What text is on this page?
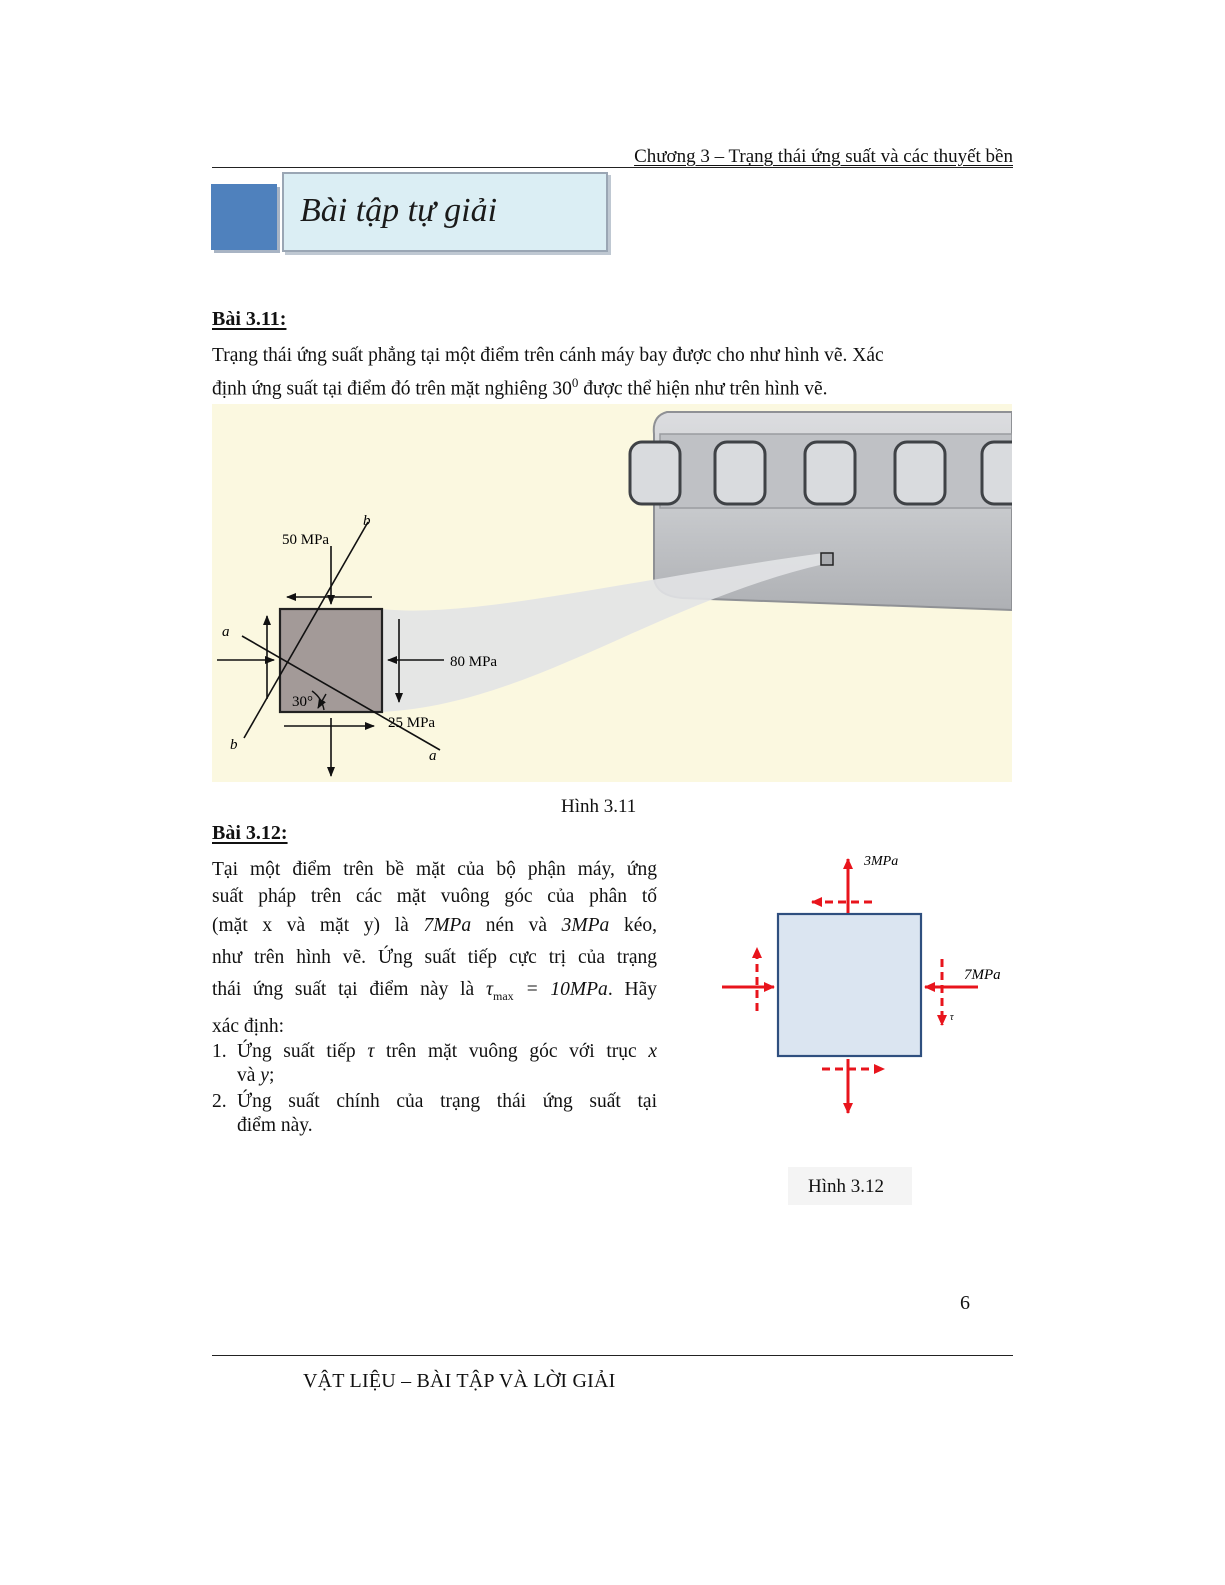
Chương 3 – Trạng thái ứng suất và các thuyết bền
Bài tập tự giải
Bài 3.11:
Trạng thái ứng suất phẳng tại một điểm trên cánh máy bay được cho như hình vẽ. Xác
định ứng suất tại điểm đó trên mặt nghiêng $30^0$ được thể hiện như trên hình vẽ.
50 MPa
80 MPa
25 MPa
30°
a
a
b
b
Hình 3.11
Bài 3.12:
Tại một điểm trên bề mặt của bộ phận máy, ứng
suất pháp trên các mặt vuông góc của phân tố
(mặt x và mặt y) là 7MPa nén và 3MPa kéo,
như trên hình vẽ. Ứng suất tiếp cực trị của trạng
thái ứng suất tại điểm này là $\tau_{max} = 10MPa$. Hãy
xác định:
1. Ứng suất tiếp τ trên mặt vuông góc với trục x
và y;
2. Ứng suất chính của trạng thái ứng suất tại
điểm này.
3MPa
7MPa
τ
Hình 3.12
6
VẬT LIỆU – BÀI TẬP VÀ LỜI GIẢI
